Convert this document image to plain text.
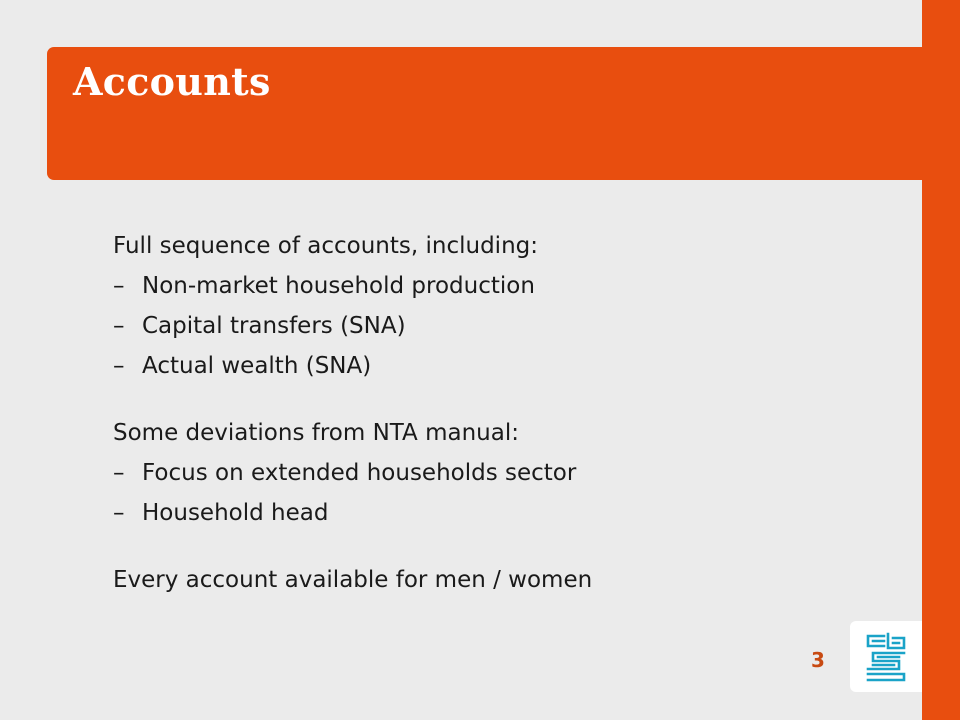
Accounts

Full sequence of accounts, including:

– Non-market household production
– Capital transfers (SNA)
– Actual wealth (SNA)

Some deviations from NTA manual:

– Focus on extended households sector
– Household head

Every account available for men / women

3
